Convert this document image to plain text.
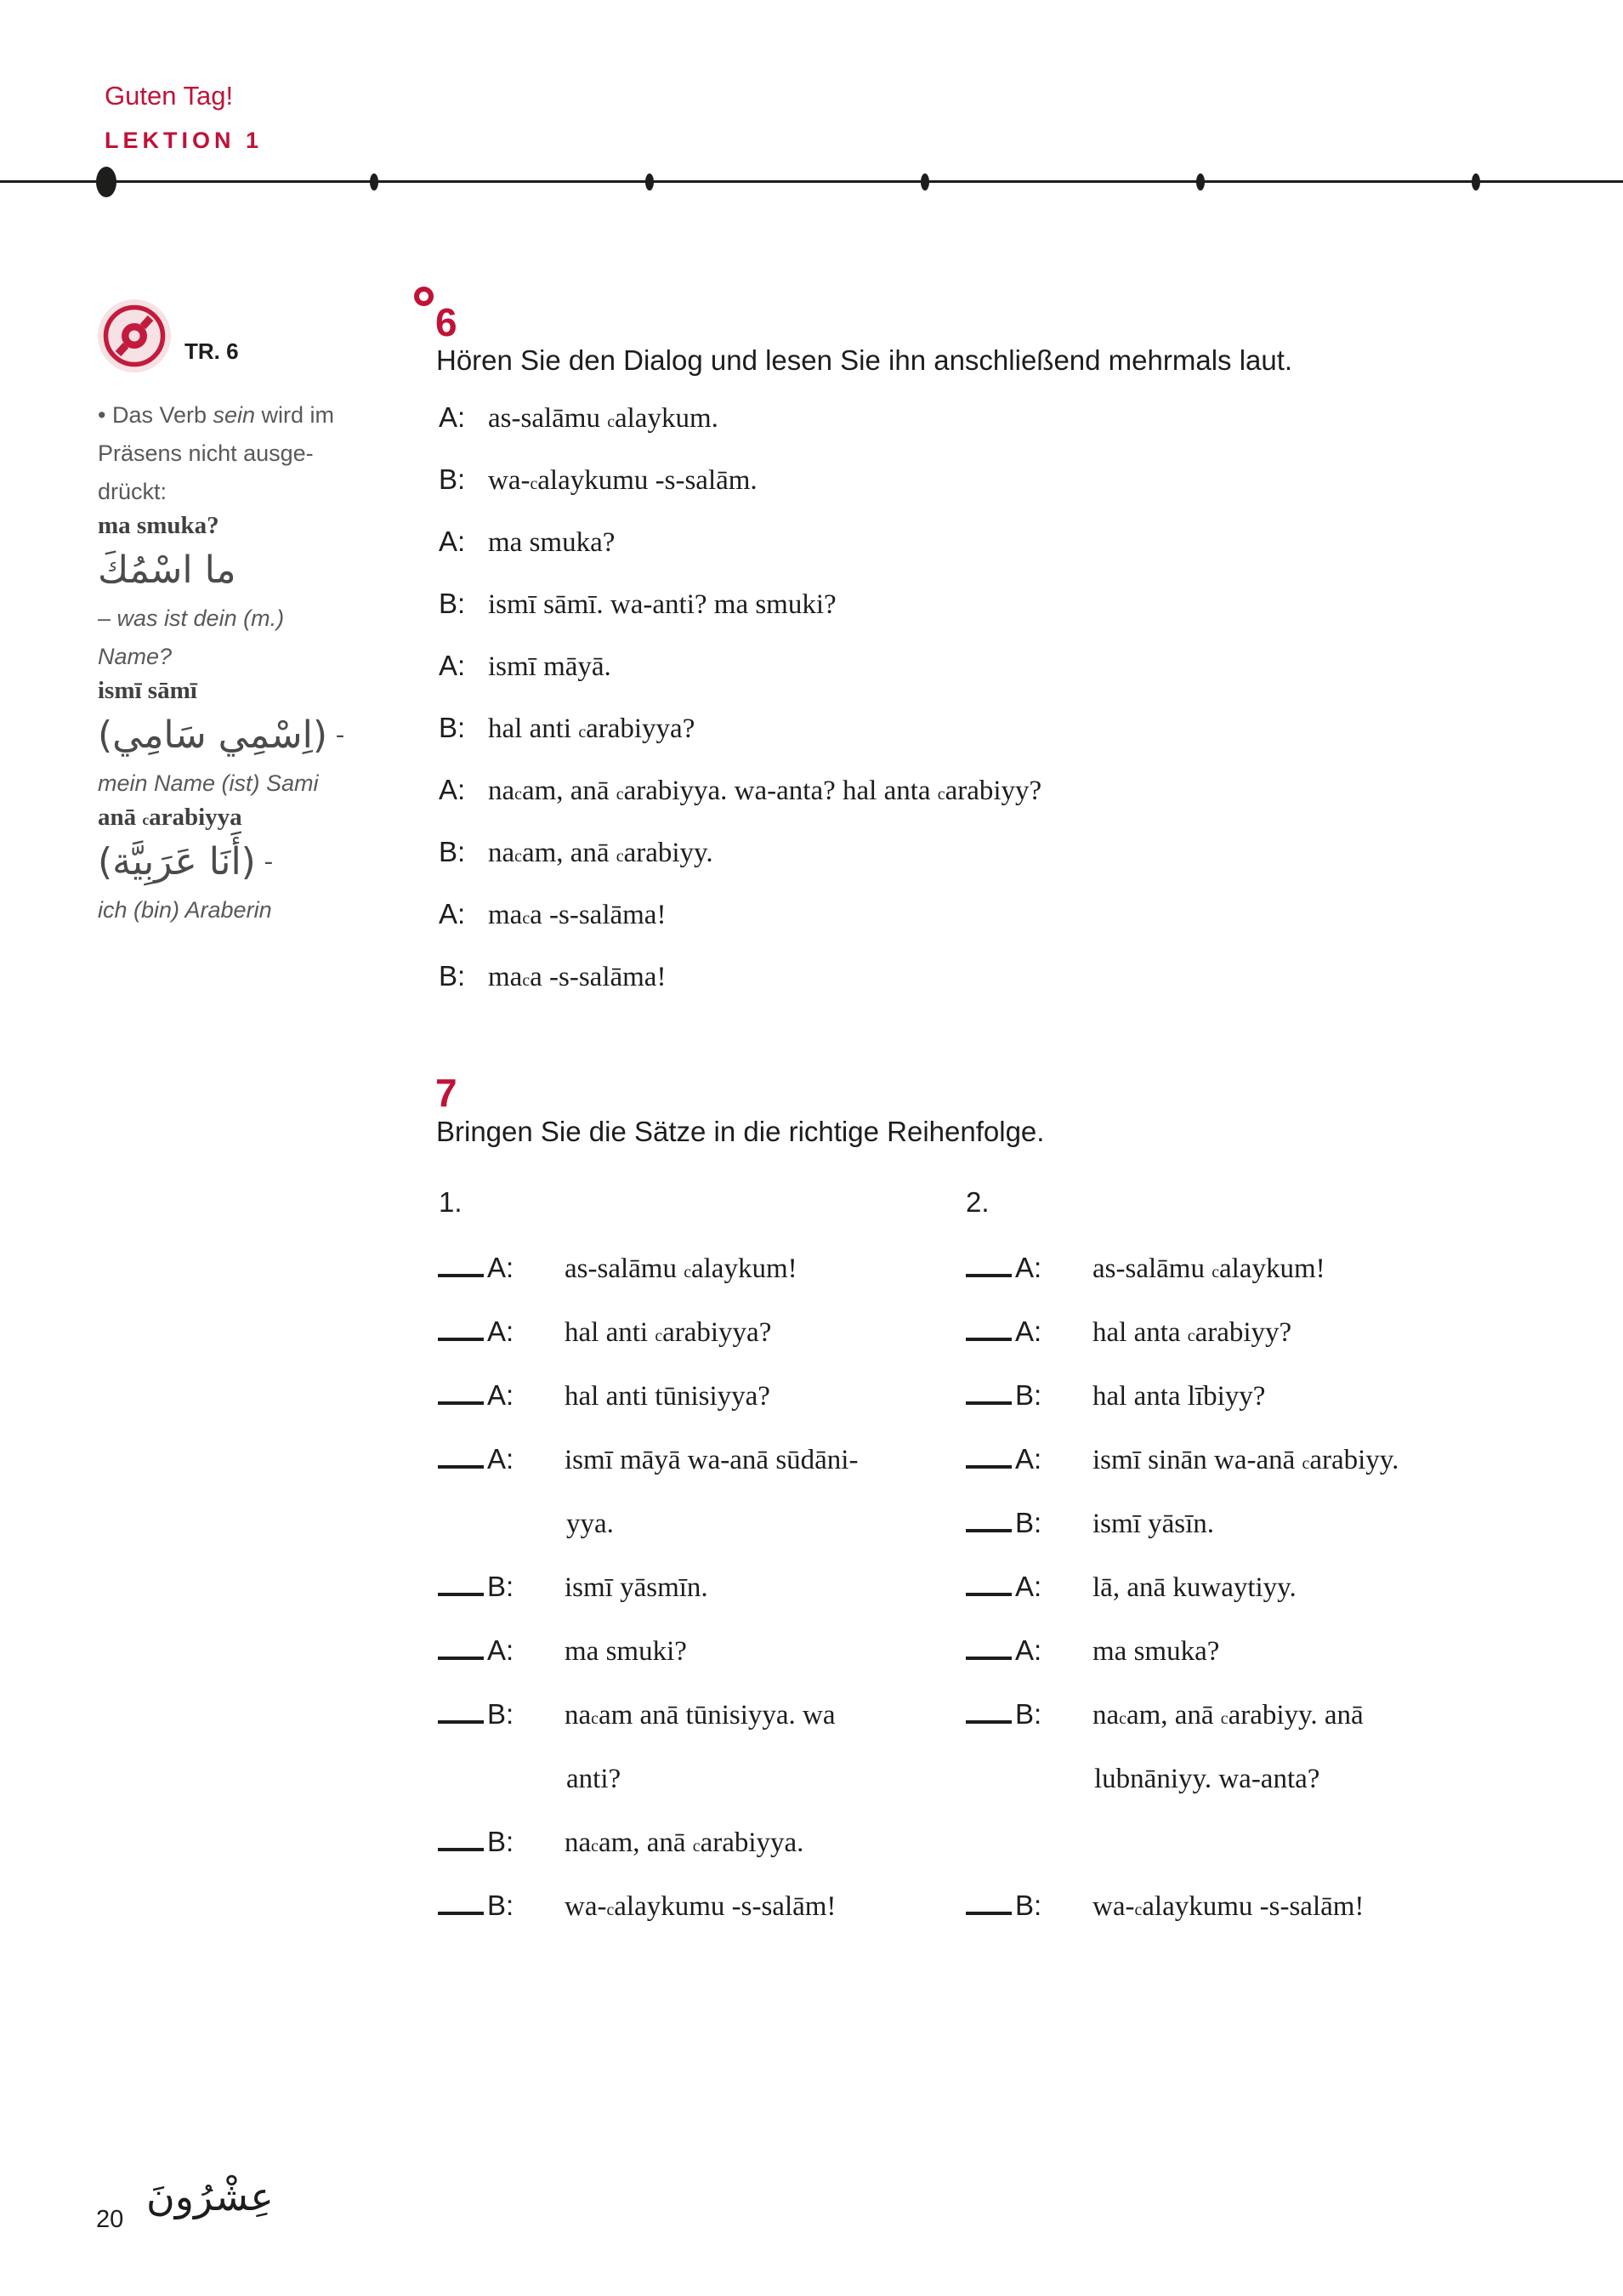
Guten Tag!
LEKTION 1
TR. 6
• Das Verb sein wird im
Präsens nicht ausge-
drückt:
ma smuka?
ما اسْمُكَ
– was ist dein (m.)
Name?
ismī sāmī
(اِسْمِي سَامِي) -
mein Name (ist) Sami
anā $^c$arabiyya
(أَنَا عَرَبِيَّة) -
ich (bin) Araberin
6
Hören Sie den Dialog und lesen Sie ihn anschließend mehrmals laut.
A: as-salāmu $^c$alaykum.
B: wa-$^c$alaykumu -s-salām.
A: ma smuka?
B: ismī sāmī. wa-anti? ma smuki?
A: ismī māyā.
B: hal anti $^c$arabiyya?
A: $na^cam$, anā $^c$arabiyya. wa-anta? hal anta $^c$arabiyy?
B: $na^cam$, anā $^c$arabiyy.
A: $ma^ca$ -s-salāma!
B: $ma^ca$ -s-salāma!
7
Bringen Sie die Sätze in die richtige Reihenfolge.
1.	2.
A: as-salāmu $^c$alaykum!
A: hal anti $^c$arabiyya?
A: hal anti tūnisiyya?
A: ismī māyā wa-anā sūdāni-
yya.
B: ismī yāsmīn.
A: ma smuki?
B: $na^cam$ anā tūnisiyya. wa
anti?
B: $na^cam$, anā $^c$arabiyya.
B: wa-$^c$alaykumu -s-salām!
A: as-salāmu $^c$alaykum!
A: hal anta $^c$arabiyy?
B: hal anta lībiyy?
A: ismī sinān wa-anā $^c$arabiyy.
B: ismī yāsīn.
A: lā, anā kuwaytiyy.
A: ma smuka?
B: $na^cam$, anā $^c$arabiyy. anā
lubnāniyy. wa-anta?
B: wa-$^c$alaykumu -s-salām!
20 عِشْرُونَ
